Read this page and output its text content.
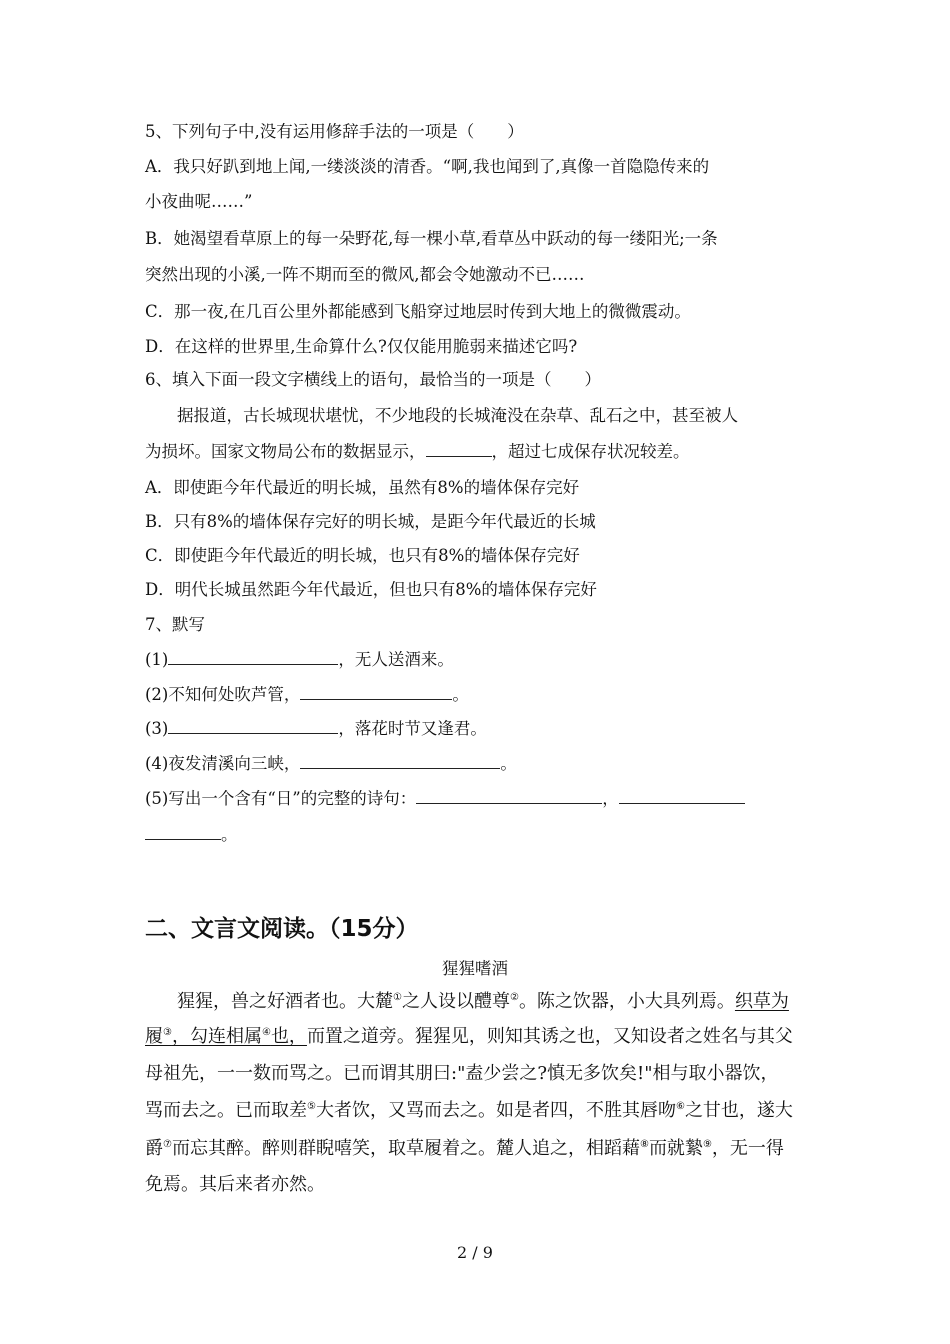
5、下列句子中,没有运用修辞手法的一项是（　　）
A．我只好趴到地上闻,一缕淡淡的清香。“啊,我也闻到了,真像一首隐隐传来的
小夜曲呢……”
B．她渴望看草原上的每一朵野花,每一棵小草,看草丛中跃动的每一缕阳光;一条
突然出现的小溪,一阵不期而至的微风,都会令她激动不已……
C．那一夜,在几百公里外都能感到飞船穿过地层时传到大地上的微微震动。
D．在这样的世界里,生命算什么?仅仅能用脆弱来描述它吗?
6、填入下面一段文字横线上的语句，最恰当的一项是（　　）
据报道，古长城现状堪忧，不少地段的长城淹没在杂草、乱石之中，甚至被人
为损坏。国家文物局公布的数据显示，	，超过七成保存状况较差。
A．即使距今年代最近的明长城，虽然有8%的墙体保存完好
B．只有8%的墙体保存完好的明长城，是距今年代最近的长城
C．即使距今年代最近的明长城，也只有8%的墙体保存完好
D．明代长城虽然距今年代最近，但也只有8%的墙体保存完好
7、默写
(1)	，无人送酒来。
(2)不知何处吹芦管，	。
(3)	，落花时节又逢君。
(4)夜发清溪向三峡，	。
(5)写出一个含有“日”的完整的诗句：	，
。
二、文言文阅读。（15分）
猩猩嗜酒
猩猩，兽之好酒者也。大麓①之人设以醴尊②。陈之饮器，小大具列焉。织草为
履③，勾连相属④也，而置之道旁。猩猩见，则知其诱之也，又知设者之姓名与其父
母祖先，一一数而骂之。已而谓其朋曰:"盍少尝之?慎无多饮矣!"相与取小器饮，
骂而去之。已而取差⑤大者饮，又骂而去之。如是者四，不胜其唇吻⑥之甘也，遂大
爵⑦而忘其醉。醉则群睨嘻笑，取草履着之。麓人追之，相蹈藉⑧而就縶⑨，无一得
免焉。其后来者亦然。
2 / 9
